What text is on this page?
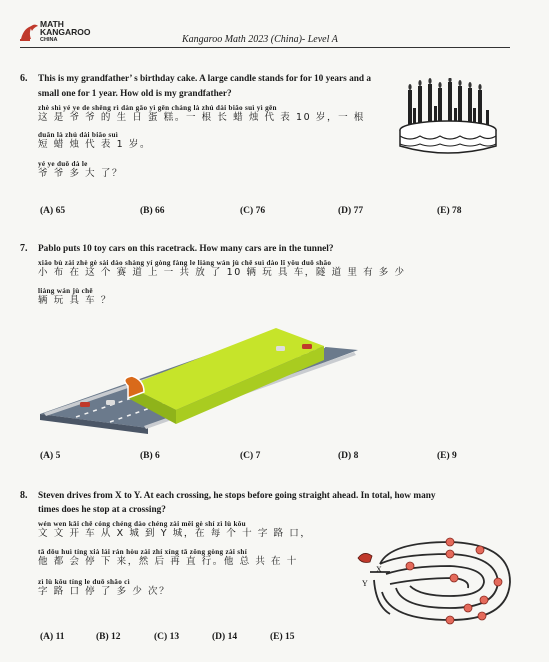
MATH
KANGAROO
CHINA	Kangaroo Math 2023 (China)- Level A
6. This is my grandfather’ s birthday cake. A large candle stands for for 10 years and a
small one for 1 year. How old is my grandfather?
zhè shì yé ye de shēng rì dàn gāo yì gēn cháng là zhú dài biǎo suì yì gēn
这 是 爷 爷 的 生 日 蛋 糕。一 根 长 蜡 烛 代 表 10 岁，一 根
duǎn là zhú dài biǎo suì
短 蜡 烛 代 表 1 岁。
yé ye duō dà le
爷 爷 多 大 了？
(A) 65	(B) 66	(C) 76	(D) 77	(E) 78
7. Pablo puts 10 toy cars on this racetrack. How many cars are in the tunnel?
xiǎo bù zài zhè gè sài dào shàng yí gòng fàng le liàng wán jù chē suì dào lǐ yǒu duō shǎo
小 布 在 这 个 赛 道 上 一 共 放 了 10 辆 玩 具 车，隧 道 里 有 多 少
liàng wán jù chē
辆 玩 具 车 ？
(A) 5	(B) 6	(C) 7	(D) 8	(E) 9
8. Steven drives from X to Y. At each crossing, he stops before going straight ahead. In total, how many
times does he stop at a crossing?
wén wen kāi chē cóng chéng dào chéng zài měi gè shí zì lù kǒu
文 文 开 车 从 X 城 到 Y 城，在 每 个 十 字 路 口，
tā dōu huì tíng xià lái rán hòu zài zhí xíng tā zǒng gòng zài shí
他 都 会 停 下 来，然 后 再 直 行。他 总 共 在 十
zì lù kǒu tíng le duō shǎo cì
字 路 口 停 了 多 少 次？
X
Y
(A) 11	(B) 12	(C) 13	(D) 14	(E) 15
